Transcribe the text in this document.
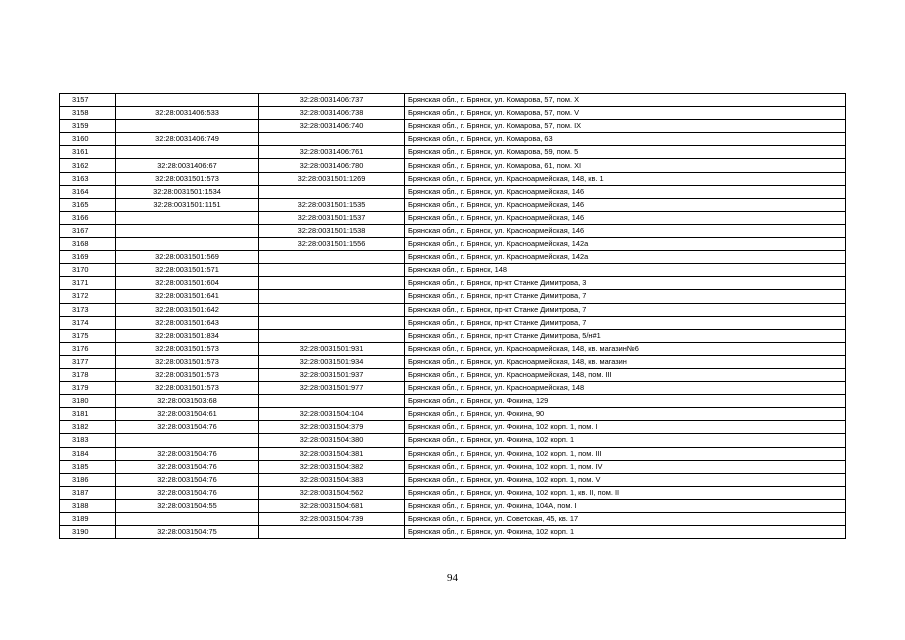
3157		32:28:0031406:737	Брянская обл., г. Брянск, ул. Комарова, 57, пом. X
3158	32:28:0031406:533	32:28:0031406:738	Брянская обл., г. Брянск, ул. Комарова, 57, пом. V
3159		32:28:0031406:740	Брянская обл., г. Брянск, ул. Комарова, 57, пом. IX
3160	32:28:0031406:749		Брянская обл., г. Брянск, ул. Комарова, 63
3161		32:28:0031406:761	Брянская обл., г. Брянск, ул. Комарова, 59, пом. 5
3162	32:28:0031406:67	32:28:0031406:780	Брянская обл., г. Брянск, ул. Комарова, 61, пом. XI
3163	32:28:0031501:573	32:28:0031501:1269	Брянская обл., г. Брянск, ул. Красноармейская, 148, кв. 1
3164	32:28:0031501:1534		Брянская обл., г. Брянск, ул. Красноармейская, 146
3165	32:28:0031501:1151	32:28:0031501:1535	Брянская обл., г. Брянск, ул. Красноармейская, 146
3166		32:28:0031501:1537	Брянская обл., г. Брянск, ул. Красноармейская, 146
3167		32:28:0031501:1538	Брянская обл., г. Брянск, ул. Красноармейская, 146
3168		32:28:0031501:1556	Брянская обл., г. Брянск, ул. Красноармейская, 142а
3169	32:28:0031501:569		Брянская обл., г. Брянск, ул. Красноармейская, 142а
3170	32:28:0031501:571		Брянская обл., г. Брянск, 148
3171	32:28:0031501:604		Брянская обл., г. Брянск, пр-кт Станке Димитрова, 3
3172	32:28:0031501:641		Брянская обл., г. Брянск, пр-кт Станке Димитрова, 7
3173	32:28:0031501:642		Брянская обл., г. Брянск, пр-кт Станке Димитрова, 7
3174	32:28:0031501:643		Брянская обл., г. Брянск, пр-кт Станке Димитрова, 7
3175	32:28:0031501:834		Брянская обл., г. Брянск, пр-кт Станке Димитрова, 5/н#1
3176	32:28:0031501:573	32:28:0031501:931	Брянская обл., г. Брянск, ул. Красноармейская, 148, кв. магазин№6
3177	32:28:0031501:573	32:28:0031501:934	Брянская обл., г. Брянск, ул. Красноармейская, 148, кв. магазин
3178	32:28:0031501:573	32:28:0031501:937	Брянская обл., г. Брянск, ул. Красноармейская, 148, пом. III
3179	32:28:0031501:573	32:28:0031501:977	Брянская обл., г. Брянск, ул. Красноармейская, 148
3180	32:28:0031503:68		Брянская обл., г. Брянск, ул. Фокина, 129
3181	32:28:0031504:61	32:28:0031504:104	Брянская обл., г. Брянск, ул. Фокина, 90
3182	32:28:0031504:76	32:28:0031504:379	Брянская обл., г. Брянск, ул. Фокина, 102 корп. 1, пом. I
3183		32:28:0031504:380	Брянская обл., г. Брянск, ул. Фокина, 102 корп. 1
3184	32:28:0031504:76	32:28:0031504:381	Брянская обл., г. Брянск, ул. Фокина, 102 корп. 1, пом. III
3185	32:28:0031504:76	32:28:0031504:382	Брянская обл., г. Брянск, ул. Фокина, 102 корп. 1, пом. IV
3186	32:28:0031504:76	32:28:0031504:383	Брянская обл., г. Брянск, ул. Фокина, 102 корп. 1, пом. V
3187	32:28:0031504:76	32:28:0031504:562	Брянская обл., г. Брянск, ул. Фокина, 102 корп. 1, кв. II, пом. II
3188	32:28:0031504:55	32:28:0031504:681	Брянская обл., г. Брянск, ул. Фокина, 104А, пом. I
3189		32:28:0031504:739	Брянская обл., г. Брянск, ул. Советская, 45, кв. 17
3190	32:28:0031504:75		Брянская обл., г. Брянск, ул. Фокина, 102 корп. 1
94
